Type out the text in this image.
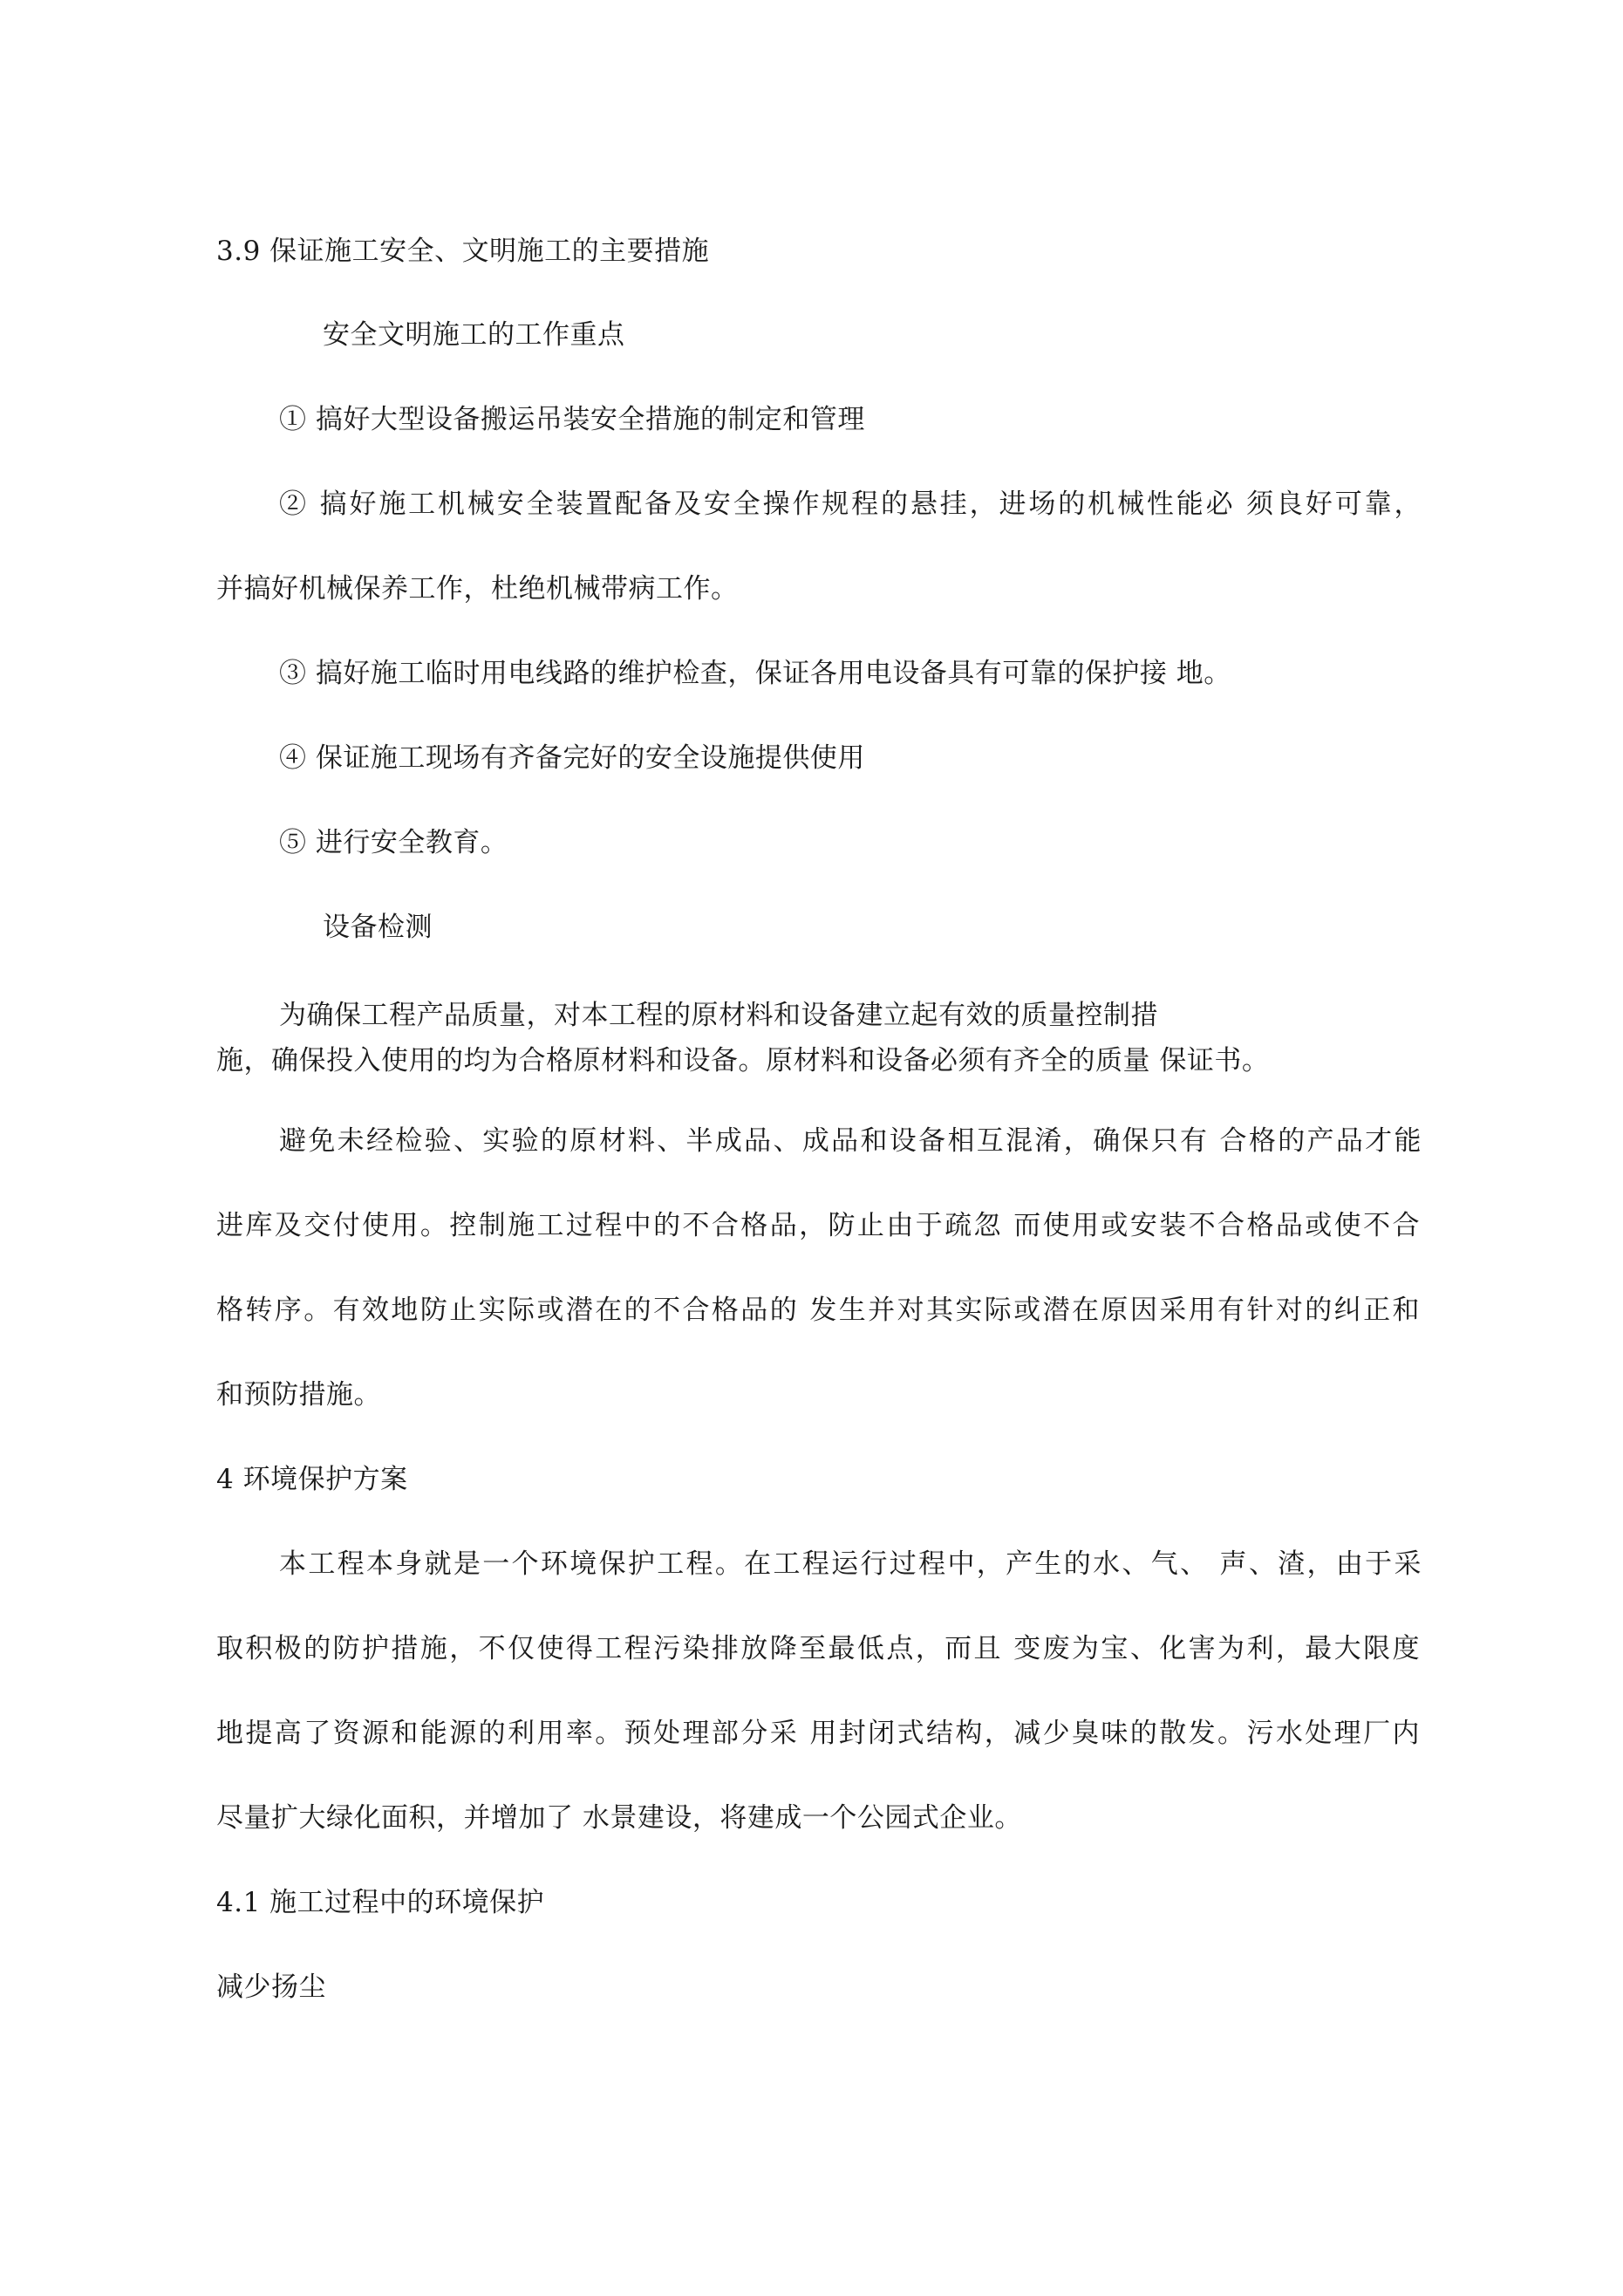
3.9 保证施工安全、文明施工的主要措施
安全文明施工的工作重点
① 搞好大型设备搬运吊装安全措施的制定和管理
② 搞好施工机械安全装置配备及安全操作规程的悬挂，进场的机械性能必 须良好可靠，
并搞好机械保养工作，杜绝机械带病工作。
③ 搞好施工临时用电线路的维护检查，保证各用电设备具有可靠的保护接 地。
④ 保证施工现场有齐备完好的安全设施提供使用
⑤ 进行安全教育。
设备检测
为确保工程产品质量，对本工程的原材料和设备建立起有效的质量控制措
施，确保投入使用的均为合格原材料和设备。原材料和设备必须有齐全的质量 保证书。
避免未经检验、实验的原材料、半成品、成品和设备相互混淆，确保只有 合格的产品才能
进库及交付使用。控制施工过程中的不合格品，防止由于疏忽 而使用或安装不合格品或使不合
格转序。有效地防止实际或潜在的不合格品的 发生并对其实际或潜在原因采用有针对的纠正和
和预防措施。
4 环境保护方案
本工程本身就是一个环境保护工程。在工程运行过程中，产生的水、气、 声、渣，由于采
取积极的防护措施，不仅使得工程污染排放降至最低点，而且 变废为宝、化害为利，最大限度
地提高了资源和能源的利用率。预处理部分采 用封闭式结构，减少臭味的散发。污水处理厂内
尽量扩大绿化面积，并增加了 水景建设，将建成一个公园式企业。
4.1 施工过程中的环境保护
减少扬尘
